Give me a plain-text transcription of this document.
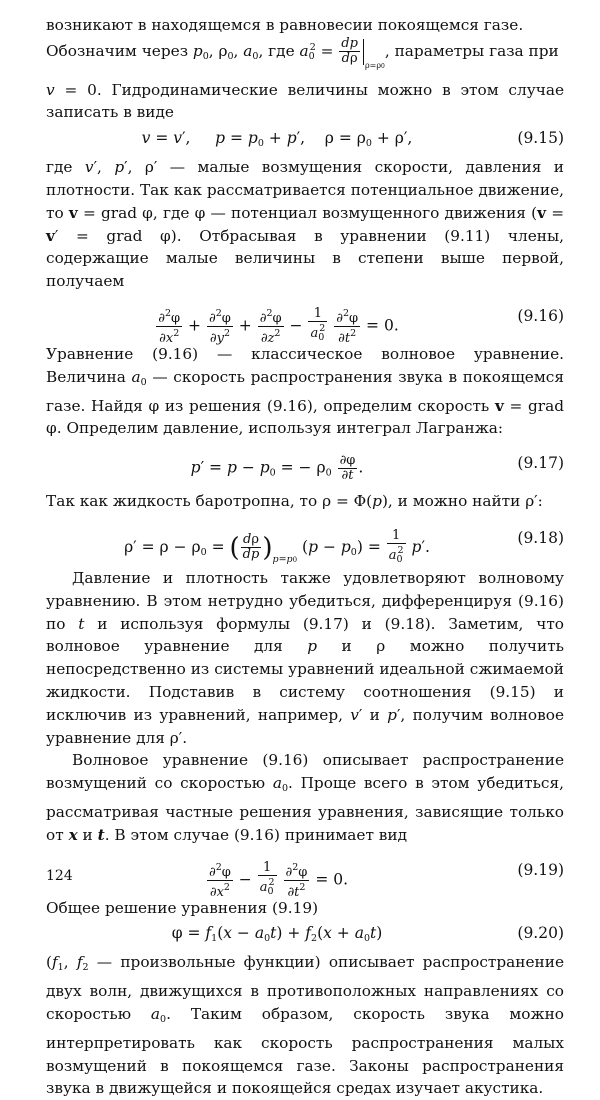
возникают в находящемся в равновесии покоящемся газе.
Обозначим через $p_0$, $\rho_0$, $a_0$, где $a_0^2 = \frac{dp}{d\rho} _{\rho=\rho 0}$, параметры газа при
v = 0. Гидродинамические величины можно в этом случае записать в виде

v = v′,     $p = p_0 + p'$,    $\rho = \rho_0 + \rho'$,	(9.15)

где v′, p′, ρ′ — малые возмущения скорости, давления и плотности. Так как рассматривается потенциальное движение, то v = grad φ, где φ — потенциал возмущенного движения (v = v′ = grad φ). Отбрасывая в уравнении (9.11) члены, содержащие малые величины в степени выше первой, получаем

$\frac{\partial^2\varphi}{\partial x^2} + \frac{\partial^2\varphi}{\partial y^2} + \frac{\partial^2\varphi}{\partial z^2} - \frac{1}{a_0^2}$
$\frac{\partial^2\varphi}{\partial t^2} = 0$.
(9.16)

Уравнение (9.16) — классическое волновое уравнение. Величина $a_0$ — скорость распространения звука в покоящемся газе. Найдя φ из решения (9.16), определим скорость v = grad φ. Определим давление, используя интеграл Лагранжа:

$p' = p - p_0$ = − $\rho_0 \frac{\partial\varphi}{\partial t}$ .	(9.17)

Так как жидкость баротропна, то ρ = Φ(p), и можно найти ρ′:

$\rho' = \rho - \rho_0$ = ( $\frac{d\rho}{dp} )_{p=p0}$ $(p - p_0) = \frac{1}{a_0^2} p'$.	(9.18)

Давление и плотность также удовлетворяют волновому уравнению. В этом нетрудно убедиться, дифференцируя (9.16) по t и используя формулы (9.17) и (9.18). Заметим, что волновое уравнение для p и ρ можно получить непосредственно из системы уравнений идеальной сжимаемой жидкости. Подставив в систему соотношения (9.15) и исключив из уравнений, например, v′ и p′, получим волновое уравнение для ρ′.

Волновое уравнение (9.16) описывает распространение возмущений со скоростью $a_0$. Проще всего в этом убедиться, рассматривая частные решения уравнения, зависящие только от x и t. В этом случае (9.16) принимает вид

$\frac{\partial^2\varphi}{\partial x^2} - \frac{1}{a_0^2}$
$\frac{\partial^2\varphi}{\partial t^2} = 0$.
(9.19)

Общее решение уравнения (9.19)

$\varphi = f_1(x - a_0t) + f_2(x + a_0t)$	(9.20)

($f_1$, $f_2$ — произвольные функции) описывает распространение двух волн, движущихся в противоположных направлениях со скоростью $a_0$. Таким образом, скорость звука можно интерпретировать как скорость распространения малых возмущений в покоящемся газе. Законы распространения звука в движущейся и покоящейся средах изучает акустика.

124
